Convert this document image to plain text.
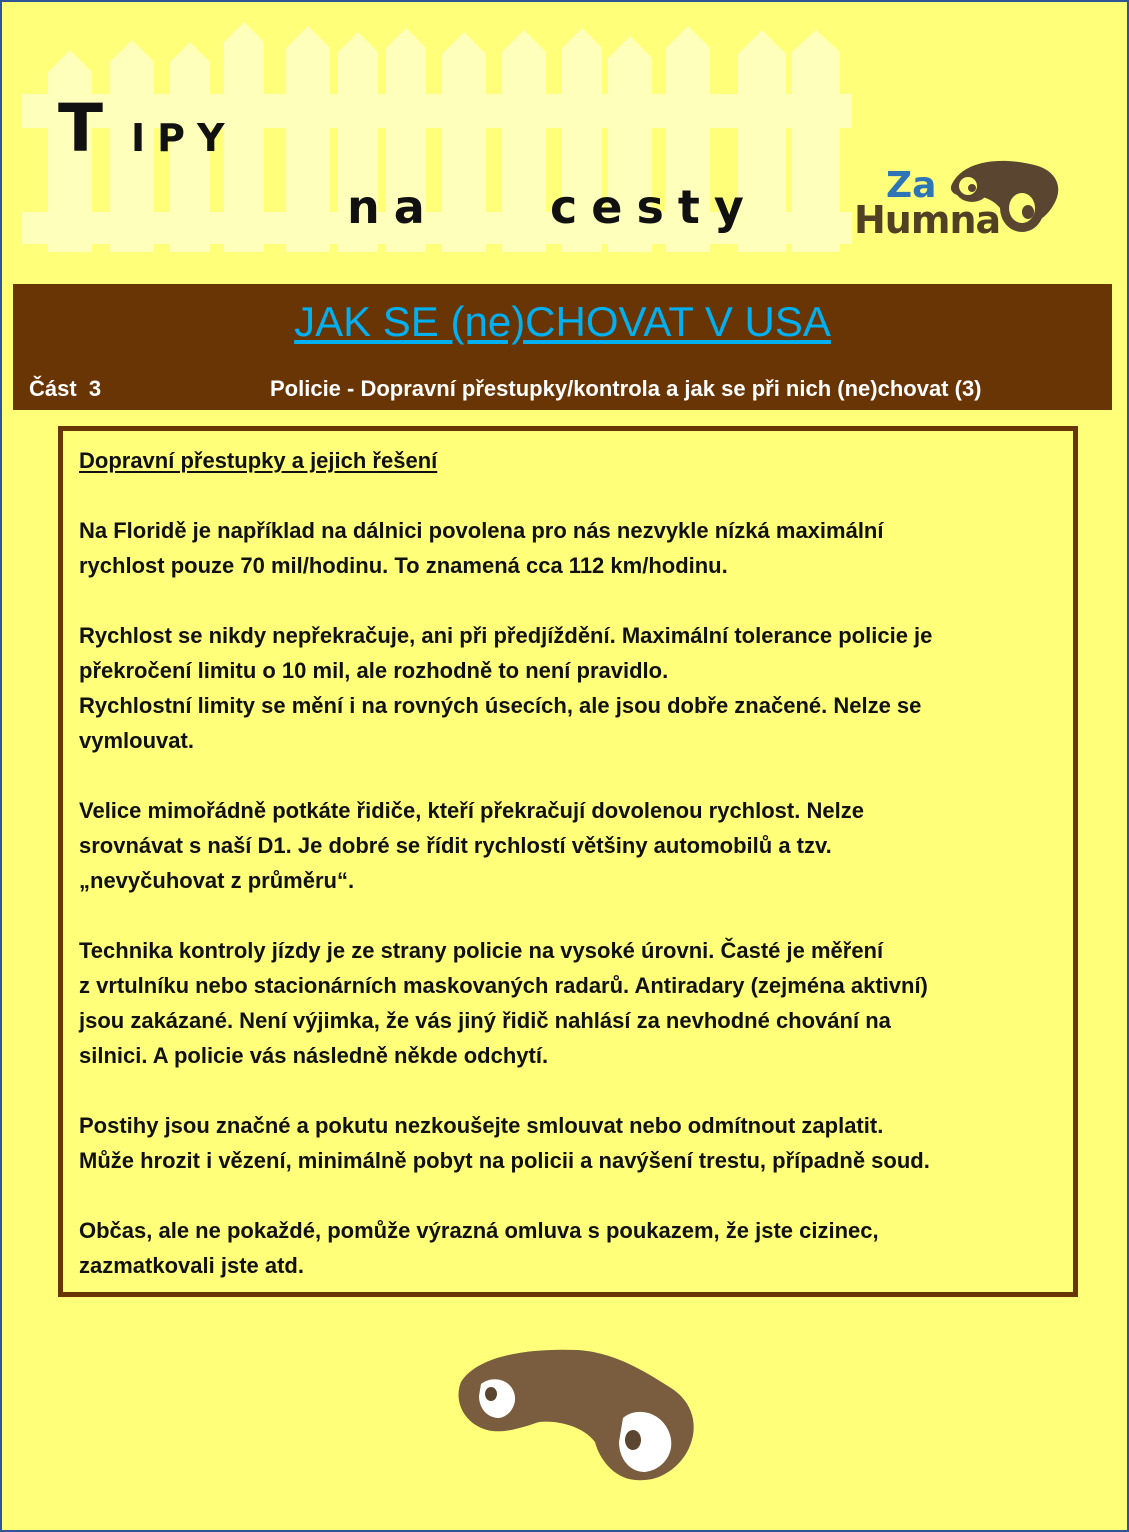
TIPY
na cesty	Za
Humna
JAK SE (ne)CHOVAT V USA
Část  3	Policie - Dopravní přestupky/kontrola a jak se při nich (ne)chovat (3)

Dopravní přestupky a jejich řešení

Na Floridě je například na dálnici povolena pro nás nezvykle nízká maximální
rychlost pouze 70 mil/hodinu. To znamená cca 112 km/hodinu.

Rychlost se nikdy nepřekračuje, ani při předjíždění. Maximální tolerance policie je
překročení limitu o 10 mil, ale rozhodně to není pravidlo.
Rychlostní limity se mění i na rovných úsecích, ale jsou dobře značené. Nelze se
vymlouvat.

Velice mimořádně potkáte řidiče, kteří překračují dovolenou rychlost. Nelze
srovnávat s naší D1. Je dobré se řídit rychlostí většiny automobilů a tzv.
„nevyčuhovat z průměru“.

Technika kontroly jízdy je ze strany policie na vysoké úrovni. Časté je měření
z vrtulníku nebo stacionárních maskovaných radarů. Antiradary (zejména aktivní)
jsou zakázané. Není výjimka, že vás jiný řidič nahlásí za nevhodné chování na
silnici. A policie vás následně někde odchytí.

Postihy jsou značné a pokutu nezkoušejte smlouvat nebo odmítnout zaplatit.
Může hrozit i vězení, minimálně pobyt na policii a navýšení trestu, případně soud.

Občas, ale ne pokaždé, pomůže výrazná omluva s poukazem, že jste cizinec,
zazmatkovali jste atd.
